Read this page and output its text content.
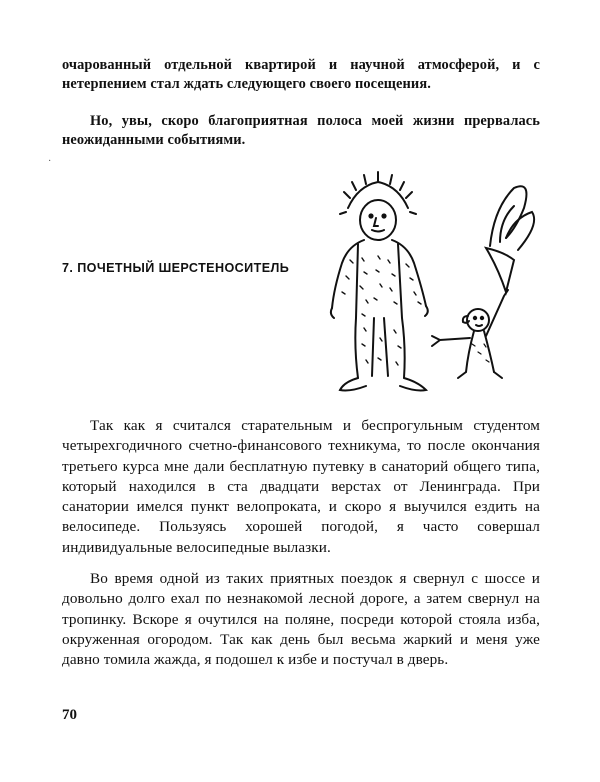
очарованный отдельной квартирой и научной атмосферой, и с нетерпением стал ждать следующего своего посещения.

Но, увы, скоро благоприятная полоса моей жизни прервалась неожиданными событиями.

·

7. ПОЧЕТНЫЙ ШЕРСТЕНОСИТЕЛЬ

Так как я считался старательным и беспрогульным студентом четырехгодичного счетно-финансового техникума, то после окончания третьего курса мне дали бесплатную путевку в санаторий общего типа, который находился в ста двадцати верстах от Ленинграда. При санатории имелся пункт велопроката, и скоро я выучился ездить на велосипеде. Пользуясь хорошей погодой, я часто совершал индивидуальные велосипедные вылазки.

Во время одной из таких приятных поездок я свернул с шоссе и довольно долго ехал по незнакомой лесной дороге, а затем свернул на тропинку. Вскоре я очутился на поляне, посреди которой стояла изба, окруженная огородом. Так как день был весьма жаркий и меня уже давно томила жажда, я подошел к избе и постучал в дверь.

70
